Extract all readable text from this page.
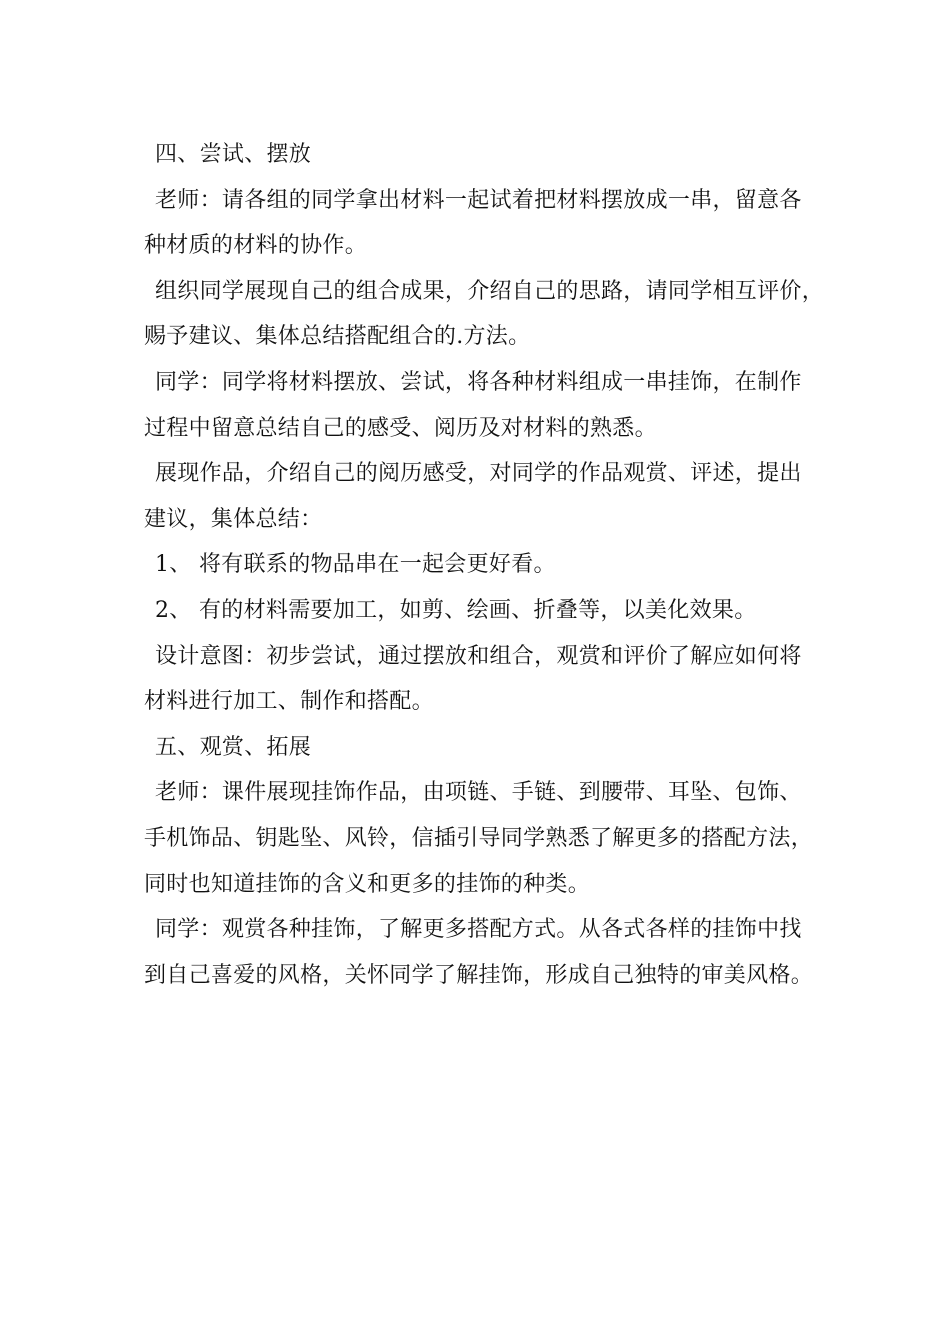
四、尝试、摆放
老师：请各组的同学拿出材料一起试着把材料摆放成一串，留意各
种材质的材料的协作。
组织同学展现自己的组合成果，介绍自己的思路，请同学相互评价，
赐予建议、集体总结搭配组合的.方法。
同学：同学将材料摆放、尝试，将各种材料组成一串挂饰，在制作
过程中留意总结自己的感受、阅历及对材料的熟悉。
展现作品，介绍自己的阅历感受，对同学的作品观赏、评述，提出
建议，集体总结：
1、 将有联系的物品串在一起会更好看。
2、 有的材料需要加工，如剪、绘画、折叠等，以美化效果。
设计意图：初步尝试，通过摆放和组合，观赏和评价了解应如何将
材料进行加工、制作和搭配。
五、观赏、拓展
老师：课件展现挂饰作品，由项链、手链、到腰带、耳坠、包饰、
手机饰品、钥匙坠、风铃，信插引导同学熟悉了解更多的搭配方法，
同时也知道挂饰的含义和更多的挂饰的种类。
同学：观赏各种挂饰，了解更多搭配方式。从各式各样的挂饰中找
到自己喜爱的风格，关怀同学了解挂饰，形成自己独特的审美风格。
